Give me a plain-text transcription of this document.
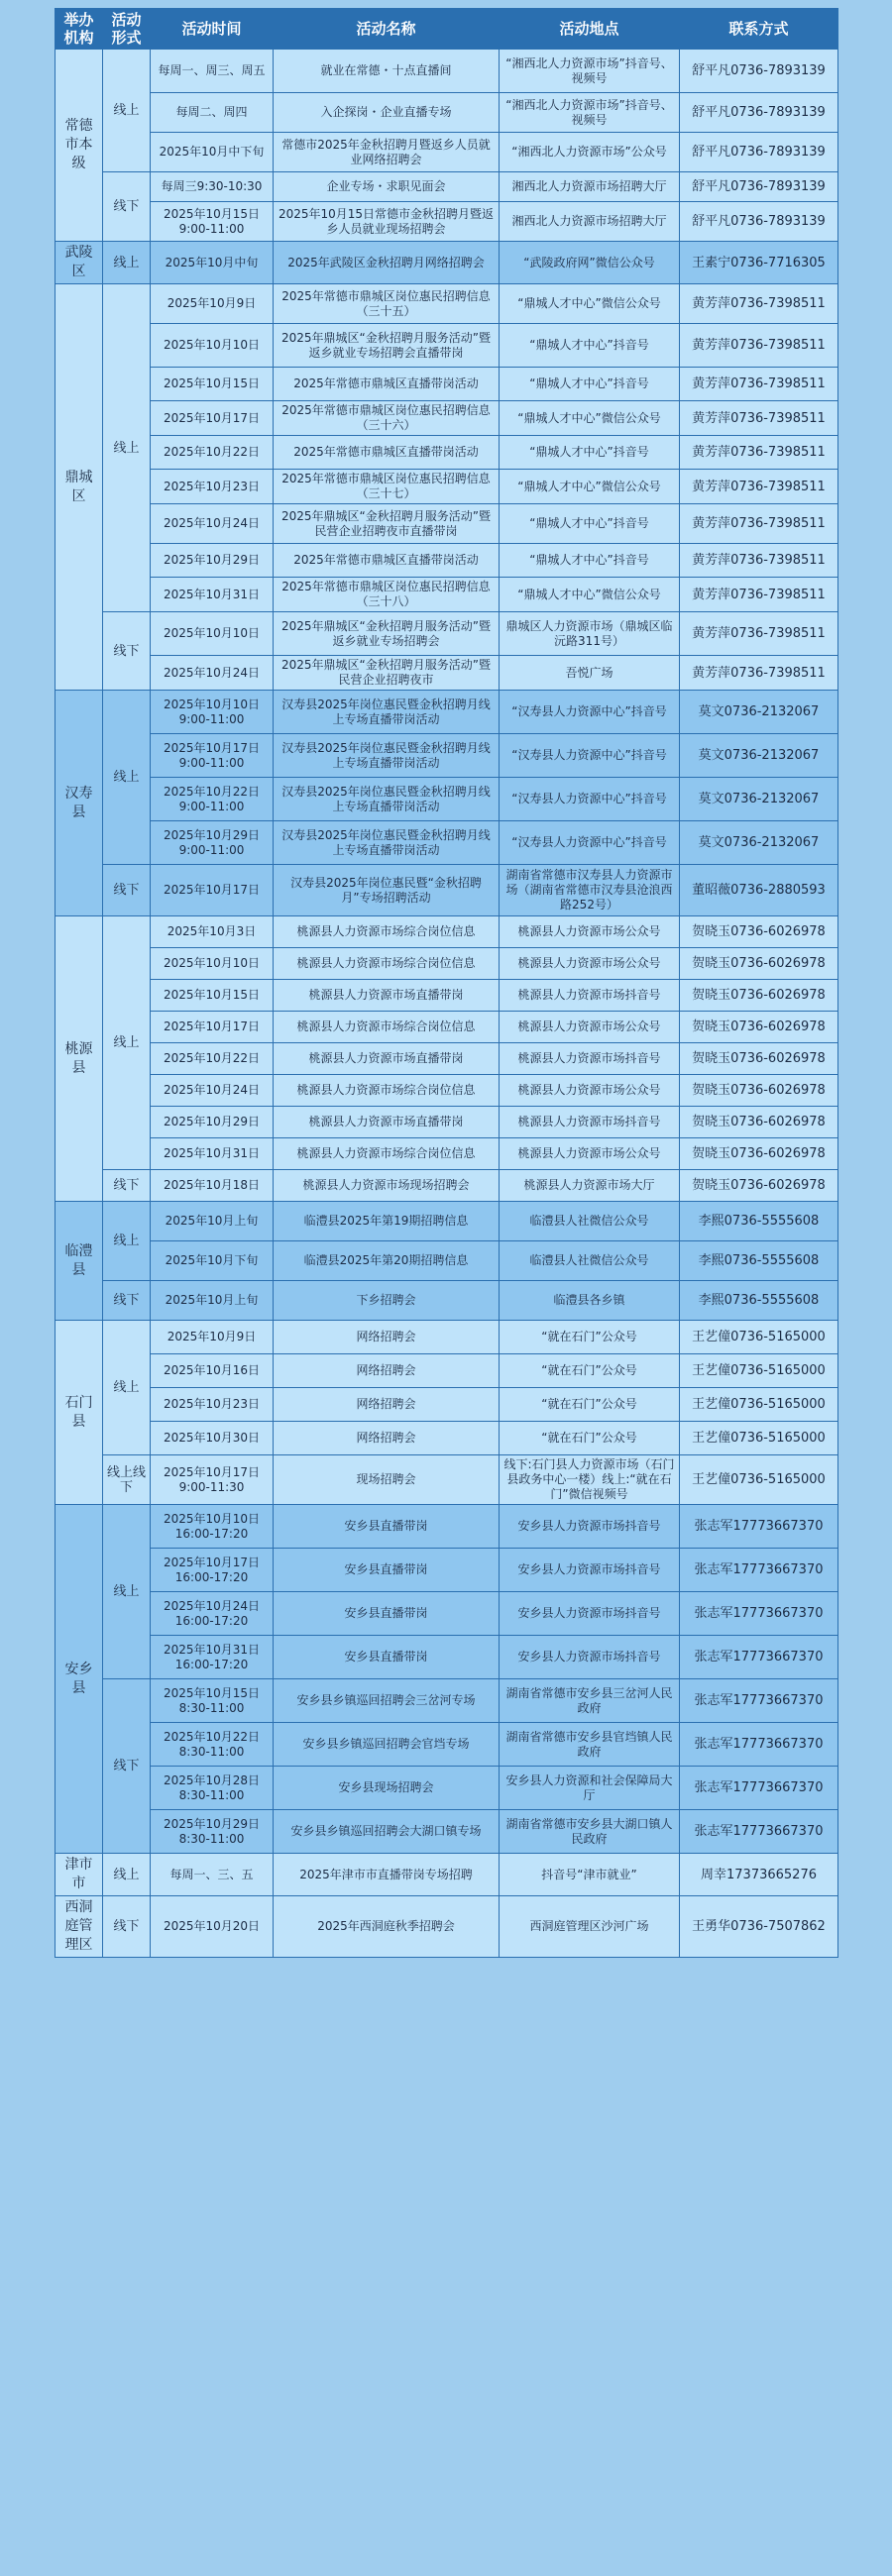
举办机构	活动形式	活动时间	活动名称	活动地点	联系方式
常德市本级	线上	每周一、周三、周五	就业在常德・十点直播间	“湘西北人力资源市场”抖音号、视频号	舒平凡0736-7893139
		每周二、周四	入企探岗・企业直播专场	“湘西北人力资源市场”抖音号、视频号	舒平凡0736-7893139
		2025年10月中下旬	常德市2025年金秋招聘月暨返乡人员就业网络招聘会	“湘西北人力资源市场”公众号	舒平凡0736-7893139
	线下	每周三9:30-10:30	企业专场・求职见面会	湘西北人力资源市场招聘大厅	舒平凡0736-7893139
		2025年10月15日 9:00-11:00	2025年10月15日常德市金秋招聘月暨返乡人员就业现场招聘会	湘西北人力资源市场招聘大厅	舒平凡0736-7893139
武陵区	线上	2025年10月中旬	2025年武陵区金秋招聘月网络招聘会	“武陵政府网”微信公众号	王素宁0736-7716305
鼎城区	线上	2025年10月9日	2025年常德市鼎城区岗位惠民招聘信息（三十五）	“鼎城人才中心”微信公众号	黄芳萍0736-7398511
		2025年10月10日	2025年鼎城区“金秋招聘月服务活动”暨返乡就业专场招聘会直播带岗	“鼎城人才中心”抖音号	黄芳萍0736-7398511
		2025年10月15日	2025年常德市鼎城区直播带岗活动	“鼎城人才中心”抖音号	黄芳萍0736-7398511
		2025年10月17日	2025年常德市鼎城区岗位惠民招聘信息（三十六）	“鼎城人才中心”微信公众号	黄芳萍0736-7398511
		2025年10月22日	2025年常德市鼎城区直播带岗活动	“鼎城人才中心”抖音号	黄芳萍0736-7398511
		2025年10月23日	2025年常德市鼎城区岗位惠民招聘信息（三十七）	“鼎城人才中心”微信公众号	黄芳萍0736-7398511
		2025年10月24日	2025年鼎城区“金秋招聘月服务活动”暨民营企业招聘夜市直播带岗	“鼎城人才中心”抖音号	黄芳萍0736-7398511
		2025年10月29日	2025年常德市鼎城区直播带岗活动	“鼎城人才中心”抖音号	黄芳萍0736-7398511
		2025年10月31日	2025年常德市鼎城区岗位惠民招聘信息（三十八）	“鼎城人才中心”微信公众号	黄芳萍0736-7398511
	线下	2025年10月10日	2025年鼎城区“金秋招聘月服务活动”暨返乡就业专场招聘会	鼎城区人力资源市场（鼎城区临沅路311号）	黄芳萍0736-7398511
		2025年10月24日	2025年鼎城区“金秋招聘月服务活动”暨民营企业招聘夜市	吾悦广场	黄芳萍0736-7398511
汉寿县	线上	2025年10月10日 9:00-11:00	汉寿县2025年岗位惠民暨金秋招聘月线上专场直播带岗活动	“汉寿县人力资源中心”抖音号	莫文0736-2132067
		2025年10月17日 9:00-11:00	汉寿县2025年岗位惠民暨金秋招聘月线上专场直播带岗活动	“汉寿县人力资源中心”抖音号	莫文0736-2132067
		2025年10月22日 9:00-11:00	汉寿县2025年岗位惠民暨金秋招聘月线上专场直播带岗活动	“汉寿县人力资源中心”抖音号	莫文0736-2132067
		2025年10月29日 9:00-11:00	汉寿县2025年岗位惠民暨金秋招聘月线上专场直播带岗活动	“汉寿县人力资源中心”抖音号	莫文0736-2132067
	线下	2025年10月17日	汉寿县2025年岗位惠民暨“金秋招聘月”专场招聘活动	湖南省常德市汉寿县人力资源市场（湖南省常德市汉寿县沧浪西路252号）	董昭薇0736-2880593
桃源县	线上	2025年10月3日	桃源县人力资源市场综合岗位信息	桃源县人力资源市场公众号	贺晓玉0736-6026978
		2025年10月10日	桃源县人力资源市场综合岗位信息	桃源县人力资源市场公众号	贺晓玉0736-6026978
		2025年10月15日	桃源县人力资源市场直播带岗	桃源县人力资源市场抖音号	贺晓玉0736-6026978
		2025年10月17日	桃源县人力资源市场综合岗位信息	桃源县人力资源市场公众号	贺晓玉0736-6026978
		2025年10月22日	桃源县人力资源市场直播带岗	桃源县人力资源市场抖音号	贺晓玉0736-6026978
		2025年10月24日	桃源县人力资源市场综合岗位信息	桃源县人力资源市场公众号	贺晓玉0736-6026978
		2025年10月29日	桃源县人力资源市场直播带岗	桃源县人力资源市场抖音号	贺晓玉0736-6026978
		2025年10月31日	桃源县人力资源市场综合岗位信息	桃源县人力资源市场公众号	贺晓玉0736-6026978
	线下	2025年10月18日	桃源县人力资源市场现场招聘会	桃源县人力资源市场大厅	贺晓玉0736-6026978
临澧县	线上	2025年10月上旬	临澧县2025年第19期招聘信息	临澧县人社微信公众号	李熙0736-5555608
		2025年10月下旬	临澧县2025年第20期招聘信息	临澧县人社微信公众号	李熙0736-5555608
	线下	2025年10月上旬	下乡招聘会	临澧县各乡镇	李熙0736-5555608
石门县	线上	2025年10月9日	网络招聘会	“就在石门”公众号	王艺僮0736-5165000
		2025年10月16日	网络招聘会	“就在石门”公众号	王艺僮0736-5165000
		2025年10月23日	网络招聘会	“就在石门”公众号	王艺僮0736-5165000
		2025年10月30日	网络招聘会	“就在石门”公众号	王艺僮0736-5165000
	线上线下	2025年10月17日 9:00-11:30	现场招聘会	线下:石门县人力资源市场（石门县政务中心一楼）线上:“就在石门”微信视频号	王艺僮0736-5165000
安乡县	线上	2025年10月10日 16:00-17:20	安乡县直播带岗	安乡县人力资源市场抖音号	张志军17773667370
		2025年10月17日 16:00-17:20	安乡县直播带岗	安乡县人力资源市场抖音号	张志军17773667370
		2025年10月24日 16:00-17:20	安乡县直播带岗	安乡县人力资源市场抖音号	张志军17773667370
		2025年10月31日 16:00-17:20	安乡县直播带岗	安乡县人力资源市场抖音号	张志军17773667370
	线下	2025年10月15日 8:30-11:00	安乡县乡镇巡回招聘会三岔河专场	湖南省常德市安乡县三岔河人民政府	张志军17773667370
		2025年10月22日 8:30-11:00	安乡县乡镇巡回招聘会官垱专场	湖南省常德市安乡县官垱镇人民政府	张志军17773667370
		2025年10月28日 8:30-11:00	安乡县现场招聘会	安乡县人力资源和社会保障局大厅	张志军17773667370
		2025年10月29日 8:30-11:00	安乡县乡镇巡回招聘会大湖口镇专场	湖南省常德市安乡县大湖口镇人民政府	张志军17773667370
津市市	线上	每周一、三、五	2025年津市市直播带岗专场招聘	抖音号“津市就业”	周幸17373665276
西洞庭管理区	线下	2025年10月20日	2025年西洞庭秋季招聘会	西洞庭管理区沙河广场	王勇华0736-7507862
